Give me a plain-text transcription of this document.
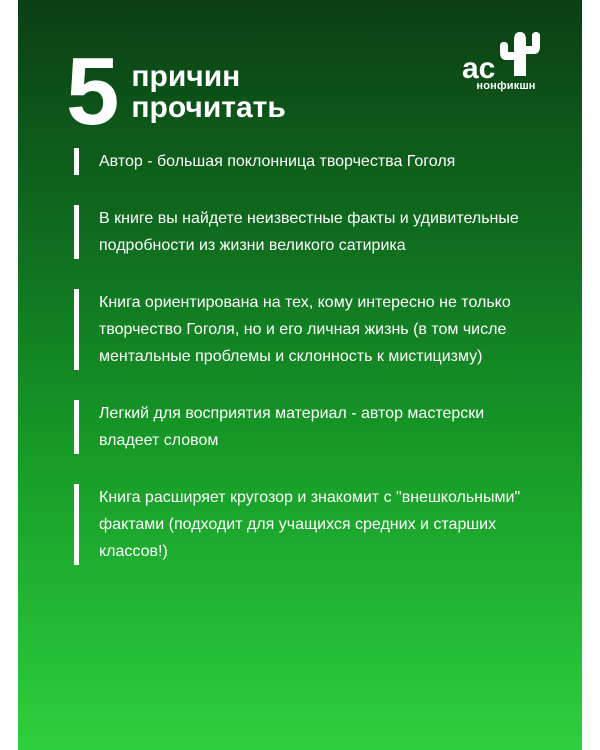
5 причин
прочитать
ac
нонфикшн
Автор - большая поклонница творчества Гоголя
В книге вы найдете неизвестные факты и удивительные подробности из жизни великого сатирика
Книга ориентирована на тех, кому интересно не только творчество Гоголя, но и его личная жизнь (в том числе ментальные проблемы и склонность к мистицизму)
Легкий для восприятия материал - автор мастерски владеет словом
Книга расширяет кругозор и знакомит с "внешкольными" фактами (подходит для учащихся средних и старших классов!)
